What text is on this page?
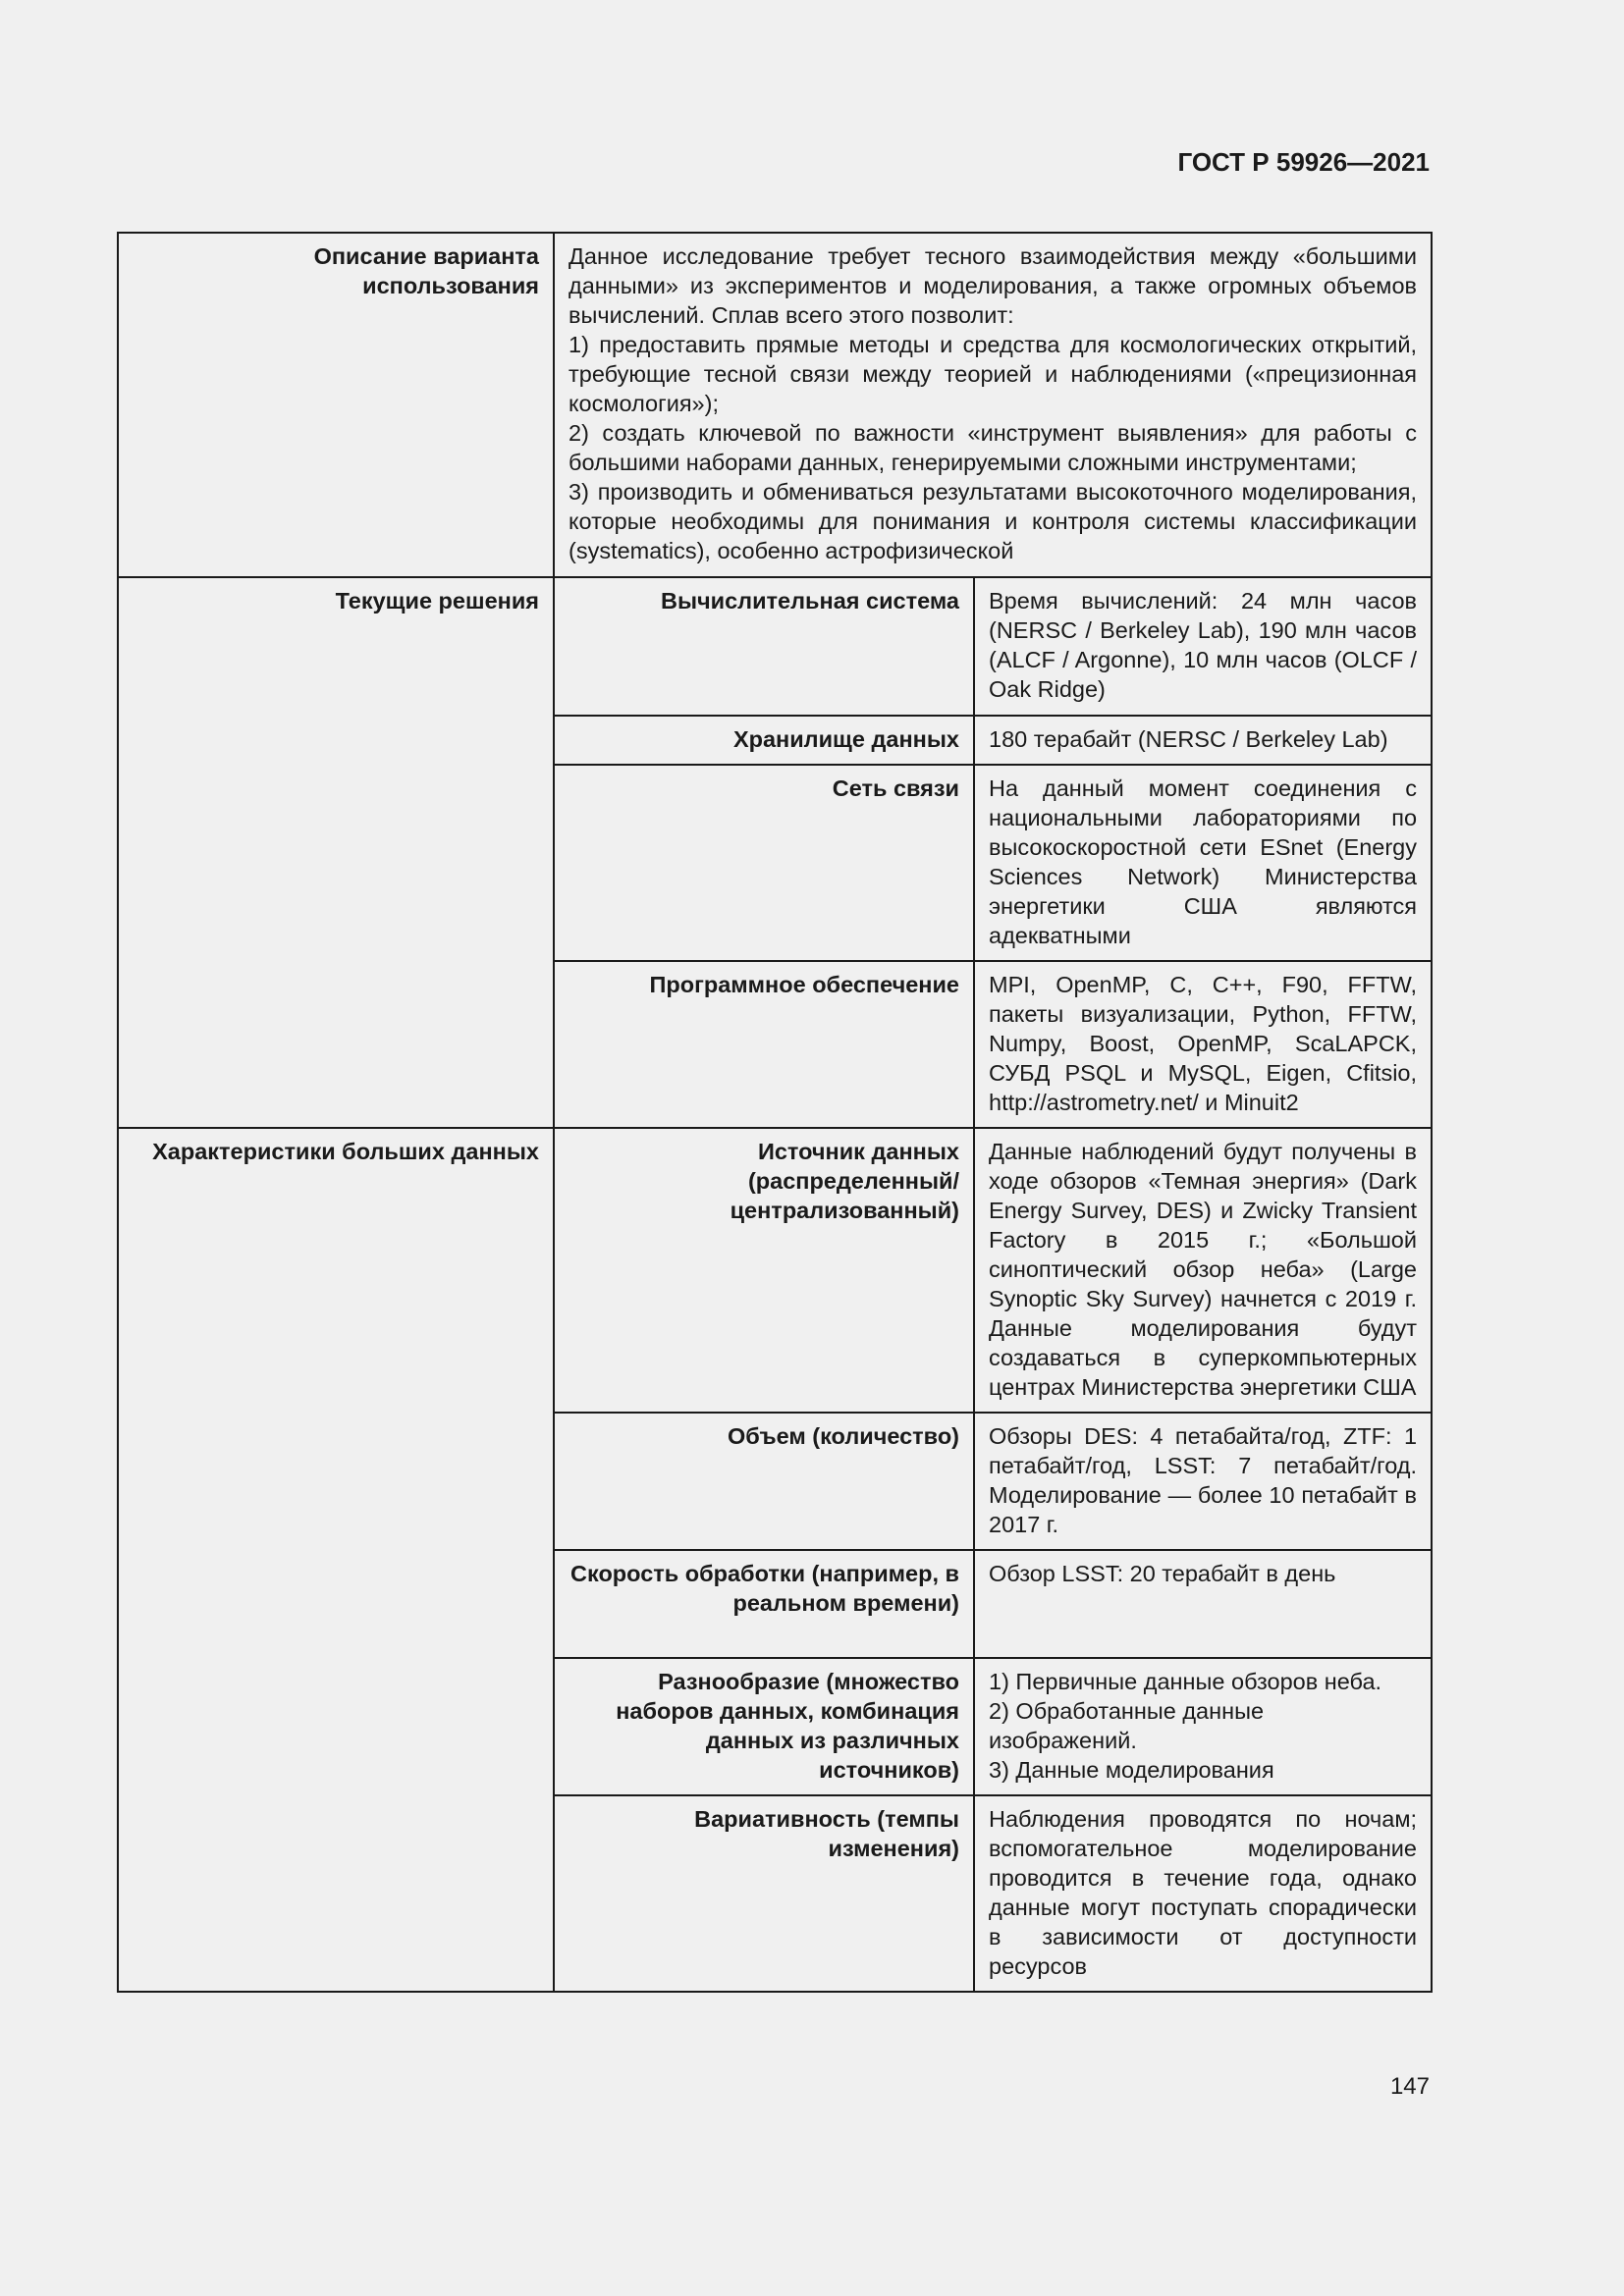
ГОСТ Р 59926—2021
Описание варианта использования	Данное исследование требует тесного взаимодействия между «большими данными» из экспериментов и моделирования, а также огромных объемов вычислений. Сплав всего этого позволит:
1) предоставить прямые методы и средства для космологических открытий, требующие тесной связи между теорией и наблюдениями («прецизионная космология»);
2) создать ключевой по важности «инструмент выявления» для работы с большими наборами данных, генерируемыми сложными инструментами;
3) производить и обмениваться результатами высокоточного моделирования, которые необходимы для понимания и контроля системы классификации (systematics), особенно астрофизической	

Текущие решения	Вычислительная система	Время вычислений: 24 млн часов (NERSC / Berkeley Lab), 190 млн часов (ALCF / Argonne), 10 млн часов (OLCF / Oak Ridge)
	Хранилище данных	180 терабайт (NERSC / Berkeley Lab)
	Сеть связи	На данный момент соединения с национальными лабораториями по высокоскоростной сети ESnet (Energy Sciences Network) Министерства энергетики США являются адекватными
	Программное обеспечение	MPI, OpenMP, C, C++, F90, FFTW, пакеты визуализации, Python, FFTW, Numpy, Boost, OpenMP, ScaLAPCK, СУБД PSQL и MySQL, Eigen, Cfitsio, http://astrometry.net/ и Minuit2
Характеристики больших данных	Источник данных (распределенный/ централизованный)	Данные наблюдений будут получены в ходе обзоров «Темная энергия» (Dark Energy Survey, DES) и Zwicky Transient Factory в 2015 г.; «Большой синоптический обзор неба» (Large Synoptic Sky Survey) начнется с 2019 г. Данные моделирования будут создаваться в суперкомпьютерных центрах Министерства энергетики США
	Объем (количество)	Обзоры DES: 4 петабайта/год, ZTF: 1 петабайт/год, LSST: 7 петабайт/год. Моделирование — более 10 петабайт в 2017 г.
	Скорость обработки (например, в реальном времени)	Обзор LSST: 20 терабайт в день
	Разнообразие (множество наборов данных, комбинация данных из различных источников)	1) Первичные данные обзоров неба.
2) Обработанные данные изображений.
3) Данные моделирования

	Вариативность (темпы изменения)	Наблюдения проводятся по ночам; вспомогательное моделирование проводится в течение года, однако данные могут поступать спорадически в зависимости от доступности ресурсов
147
